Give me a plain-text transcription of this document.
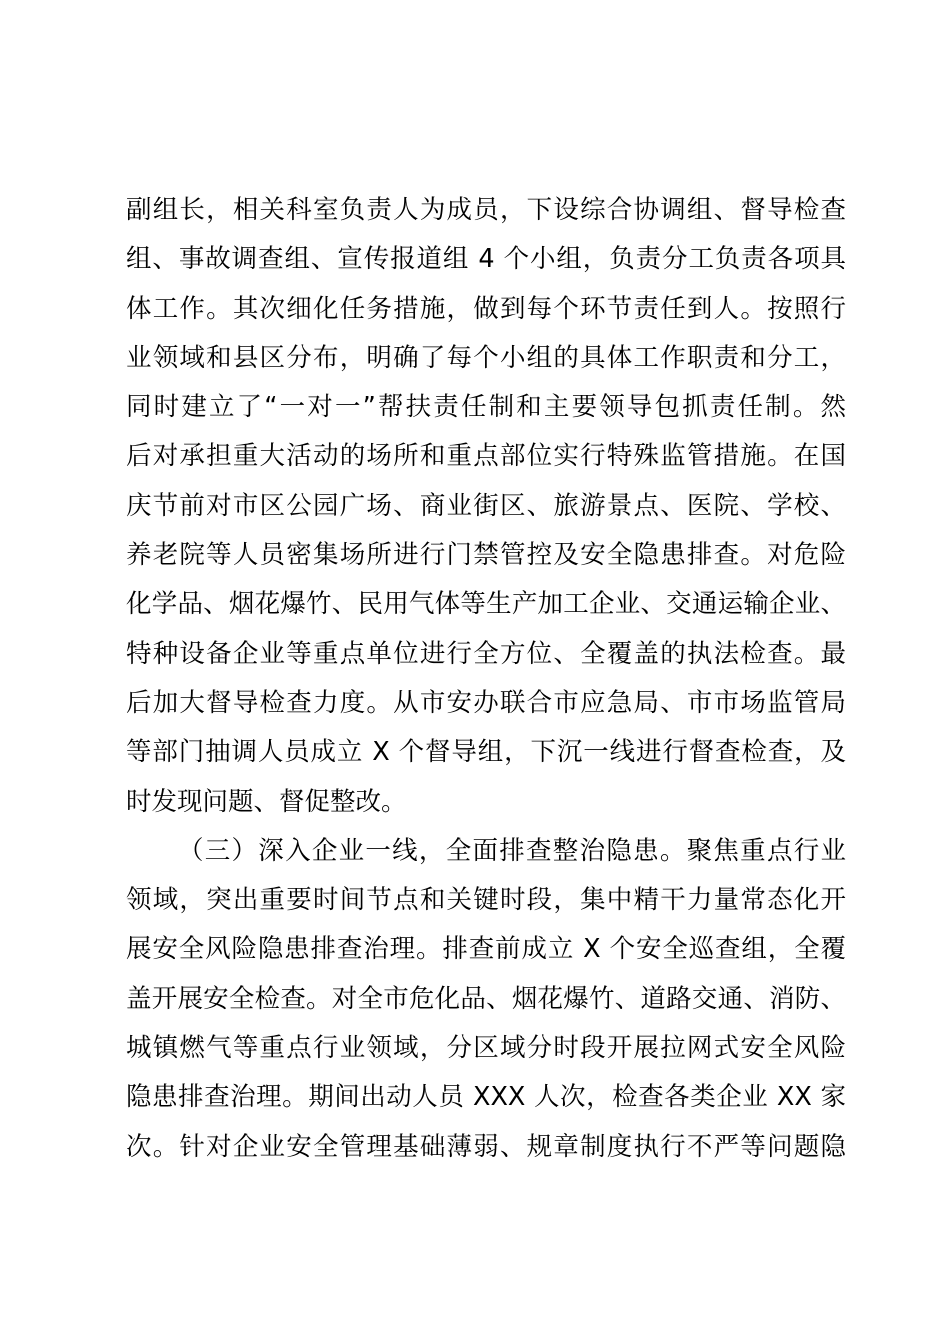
副组长，相关科室负责人为成员，下设综合协调组、督导检查
组、事故调查组、宣传报道组 4 个小组，负责分工负责各项具
体工作。其次细化任务措施，做到每个环节责任到人。按照行
业领域和县区分布，明确了每个小组的具体工作职责和分工，
同时建立了“一对一”帮扶责任制和主要领导包抓责任制。然
后对承担重大活动的场所和重点部位实行特殊监管措施。在国
庆节前对市区公园广场、商业街区、旅游景点、医院、学校、
养老院等人员密集场所进行门禁管控及安全隐患排查。对危险
化学品、烟花爆竹、民用气体等生产加工企业、交通运输企业、
特种设备企业等重点单位进行全方位、全覆盖的执法检查。最
后加大督导检查力度。从市安办联合市应急局、市市场监管局
等部门抽调人员成立 X 个督导组，下沉一线进行督查检查，及
时发现问题、督促整改。
（三）深入企业一线，全面排查整治隐患。聚焦重点行业
领域，突出重要时间节点和关键时段，集中精干力量常态化开
展安全风险隐患排查治理。排查前成立 X 个安全巡查组，全覆
盖开展安全检查。对全市危化品、烟花爆竹、道路交通、消防、
城镇燃气等重点行业领域，分区域分时段开展拉网式安全风险
隐患排查治理。期间出动人员 XXX 人次，检查各类企业 XX 家
次。针对企业安全管理基础薄弱、规章制度执行不严等问题隐
